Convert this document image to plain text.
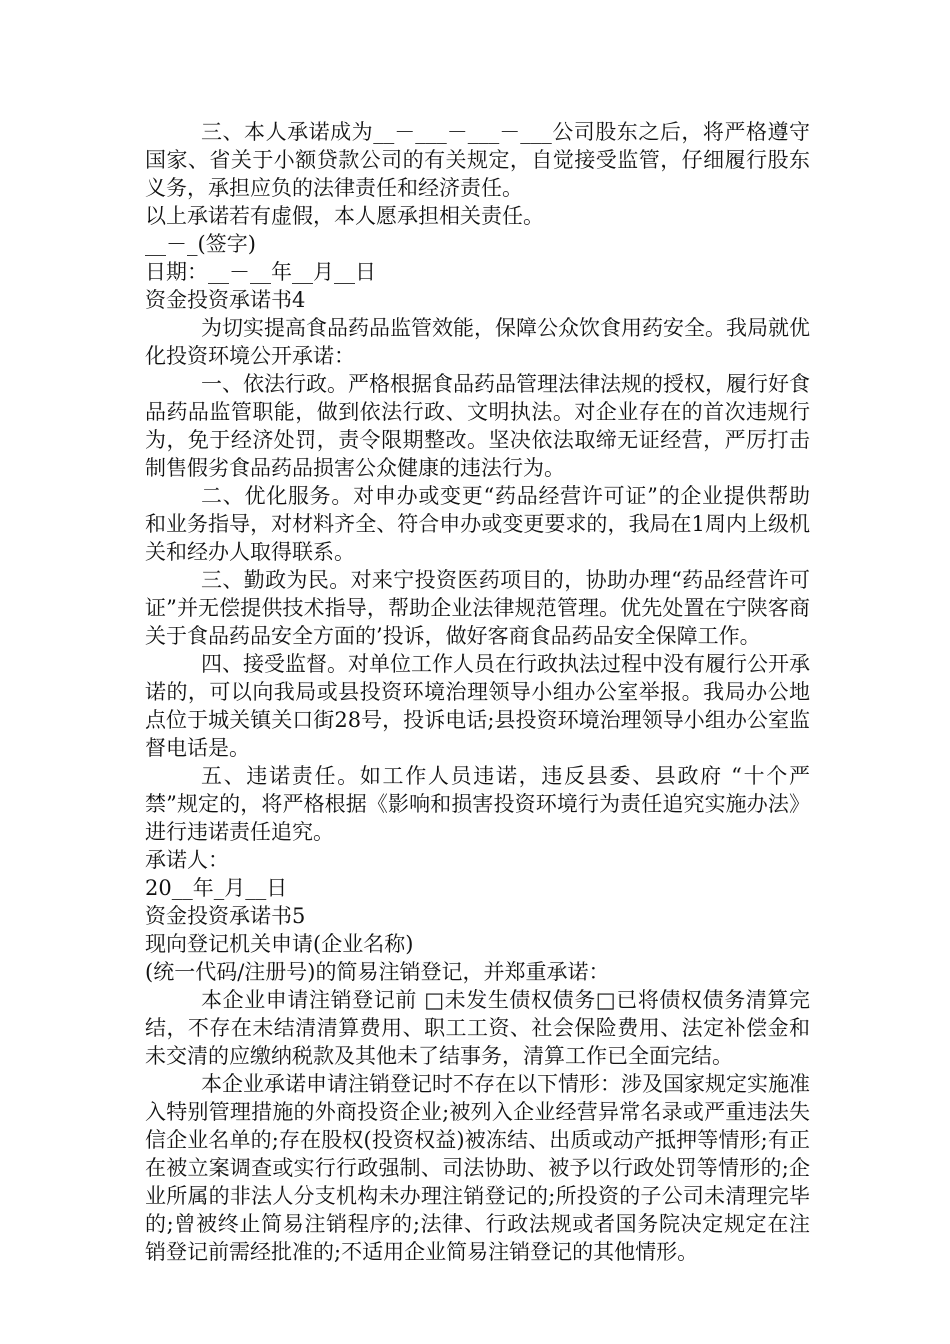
三、本人承诺成为__－___－___－___公司股东之后，将严格遵守国家、省关于小额贷款公司的有关规定，自觉接受监管，仔细履行股东义务，承担应负的法律责任和经济责任。

以上承诺若有虚假，本人愿承担相关责任。

__－_(签字)

日期：__－__年__月__日

资金投资承诺书4

为切实提高食品药品监管效能，保障公众饮食用药安全。我局就优化投资环境公开承诺：

一、依法行政。严格根据食品药品管理法律法规的授权，履行好食品药品监管职能，做到依法行政、文明执法。对企业存在的首次违规行为，免于经济处罚，责令限期整改。坚决依法取缔无证经营，严厉打击制售假劣食品药品损害公众健康的违法行为。

二、优化服务。对申办或变更“药品经营许可证”的企业提供帮助和业务指导，对材料齐全、符合申办或变更要求的，我局在1周内上级机关和经办人取得联系。

三、勤政为民。对来宁投资医药项目的，协助办理“药品经营许可证”并无偿提供技术指导，帮助企业法律规范管理。优先处置在宁陕客商关于食品药品安全方面的’投诉，做好客商食品药品安全保障工作。

四、接受监督。对单位工作人员在行政执法过程中没有履行公开承诺的，可以向我局或县投资环境治理领导小组办公室举报。我局办公地点位于城关镇关口街28号，投诉电话;县投资环境治理领导小组办公室监督电话是。

五、违诺责任。如工作人员违诺，违反县委、县政府 “十个严禁”规定的，将严格根据《影响和损害投资环境行为责任追究实施办法》进行违诺责任追究。

承诺人：

20__年_月__日

资金投资承诺书5

现向登记机关申请(企业名称)

(统一代码/注册号)的简易注销登记，并郑重承诺：

本企业申请注销登记前 □未发生债权债务□已将债权债务清算完结，不存在未结清清算费用、职工工资、社会保险费用、法定补偿金和未交清的应缴纳税款及其他未了结事务，清算工作已全面完结。

本企业承诺申请注销登记时不存在以下情形：涉及国家规定实施准入特别管理措施的外商投资企业;被列入企业经营异常名录或严重违法失信企业名单的;存在股权(投资权益)被冻结、出质或动产抵押等情形;有正在被立案调查或实行行政强制、司法协助、被予以行政处罚等情形的;企业所属的非法人分支机构未办理注销登记的;所投资的子公司未清理完毕的;曾被终止简易注销程序的;法律、行政法规或者国务院决定规定在注销登记前需经批准的;不适用企业简易注销登记的其他情形。
